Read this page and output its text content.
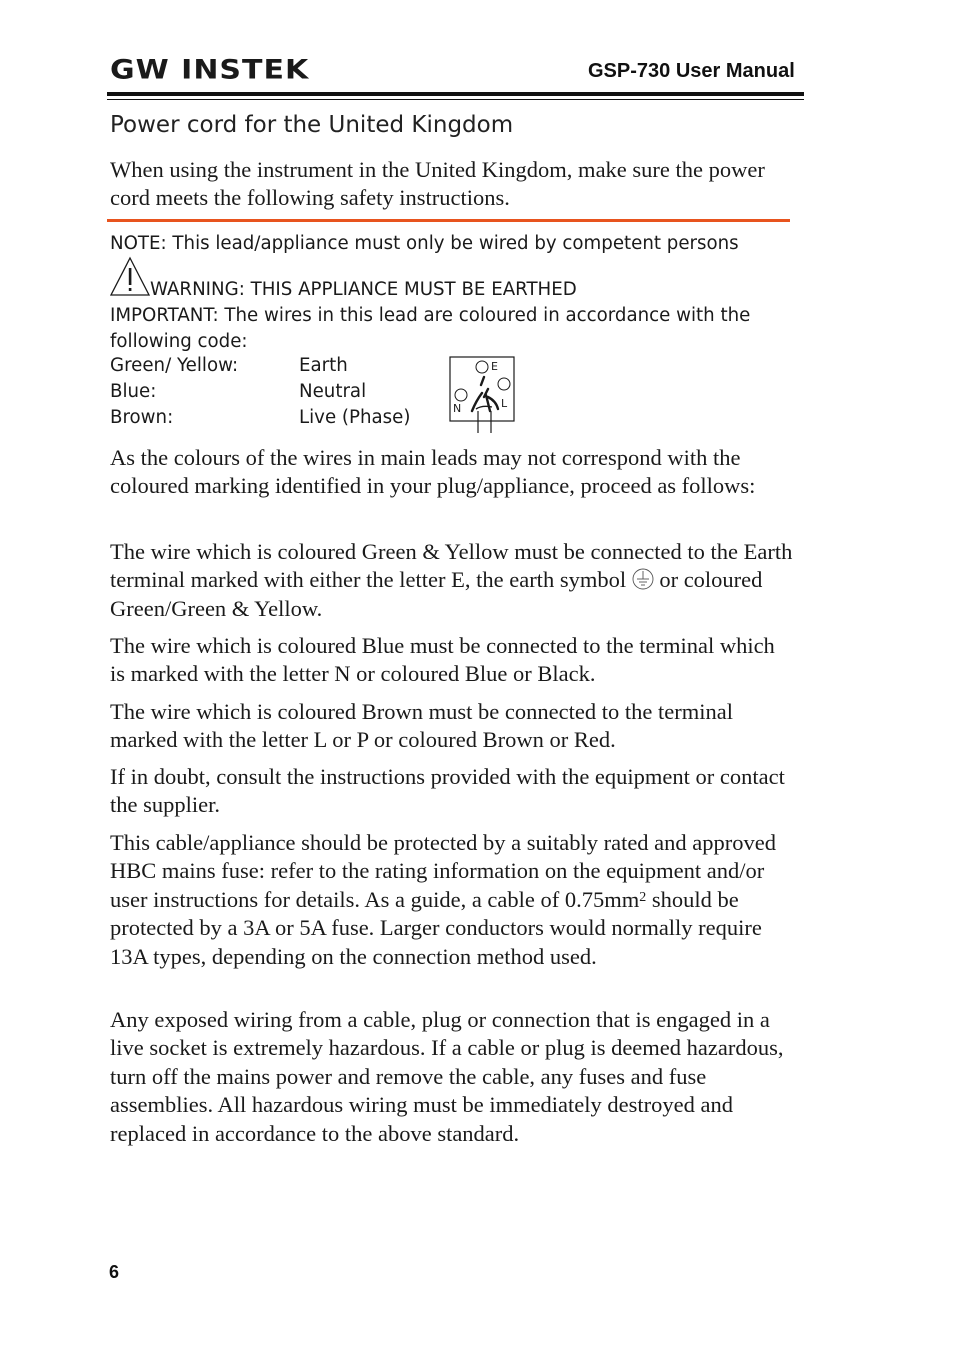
GW INSTEK	GSP-730 User Manual
Power cord for the United Kingdom

When using the instrument in the United Kingdom, make sure the power cord meets the following safety instructions.

NOTE: This lead/appliance must only be wired by competent persons
WARNING: THIS APPLIANCE MUST BE EARTHED
IMPORTANT: The wires in this lead are coloured in accordance with the following code:
Green/ Yellow:	Earth
Blue:	Neutral
Brown:	Live (Phase)
E
N	L

As the colours of the wires in main leads may not correspond with the coloured marking identified in your plug/appliance, proceed as follows:

The wire which is coloured Green & Yellow must be connected to the Earth terminal marked with either the letter E, the earth symbol or coloured Green/Green & Yellow.

The wire which is coloured Blue must be connected to the terminal which is marked with the letter N or coloured Blue or Black.

The wire which is coloured Brown must be connected to the terminal marked with the letter L or P or coloured Brown or Red.

If in doubt, consult the instructions provided with the equipment or contact the supplier.

This cable/appliance should be protected by a suitably rated and approved HBC mains fuse: refer to the rating information on the equipment and/or user instructions for details. As a guide, a cable of $0.75mm^2$ should be protected by a 3A or 5A fuse. Larger conductors would normally require 13A types, depending on the connection method used.

Any exposed wiring from a cable, plug or connection that is engaged in a live socket is extremely hazardous. If a cable or plug is deemed hazardous, turn off the mains power and remove the cable, any fuses and fuse assemblies. All hazardous wiring must be immediately destroyed and replaced in accordance to the above standard.

6
